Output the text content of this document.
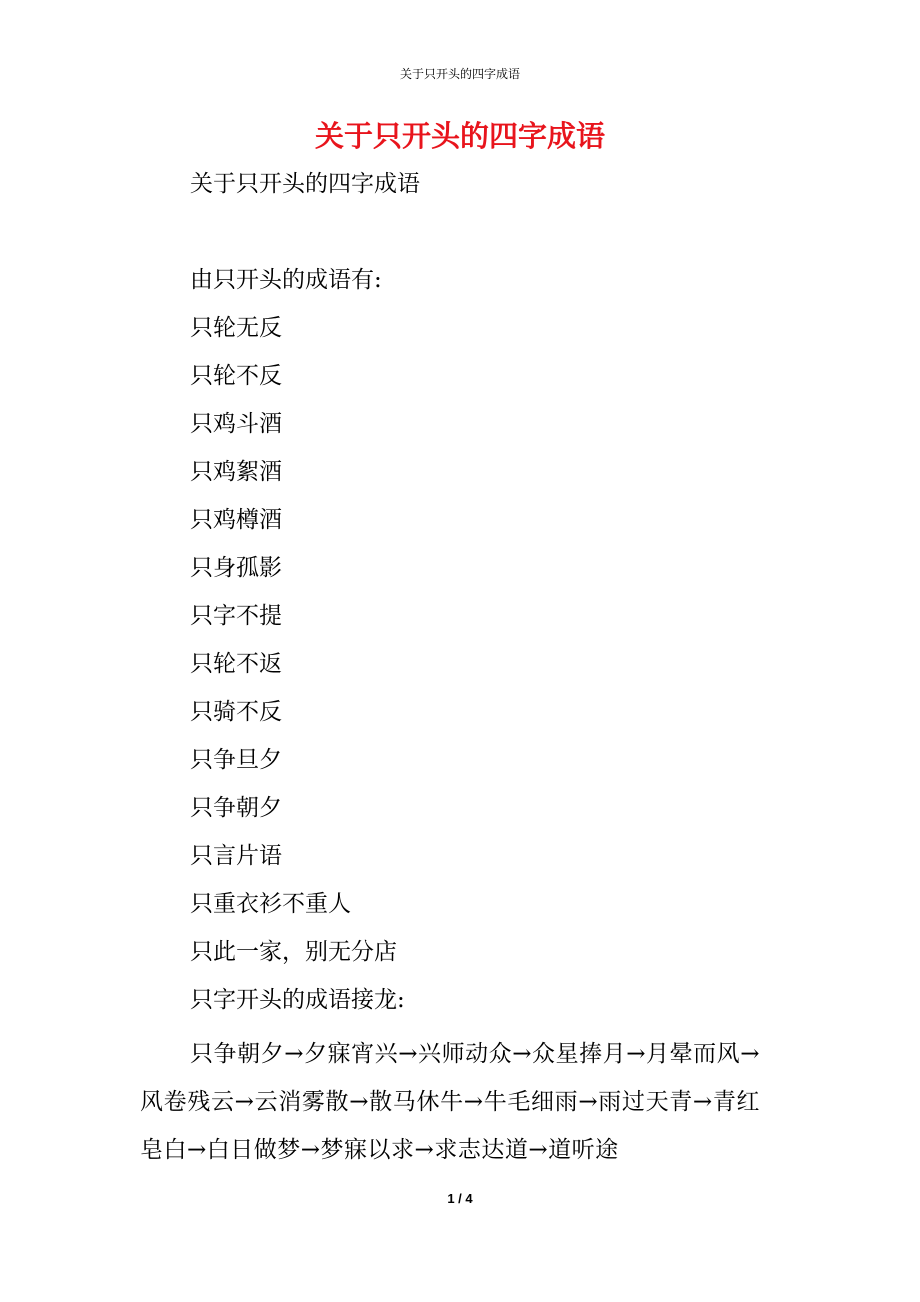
关于只开头的四字成语
关于只开头的四字成语
关于只开头的四字成语
由只开头的成语有:
只轮无反
只轮不反
只鸡斗酒
只鸡絮酒
只鸡樽酒
只身孤影
只字不提
只轮不返
只骑不反
只争旦夕
只争朝夕
只言片语
只重衣衫不重人
只此一家，别无分店
只字开头的成语接龙:
只争朝夕→夕寐宵兴→兴师动众→众星捧月→月晕而风→风卷残云→云消雾散→散马休牛→牛毛细雨→雨过天青→青红皂白→白日做梦→梦寐以求→求志达道→道听途
1 / 4
